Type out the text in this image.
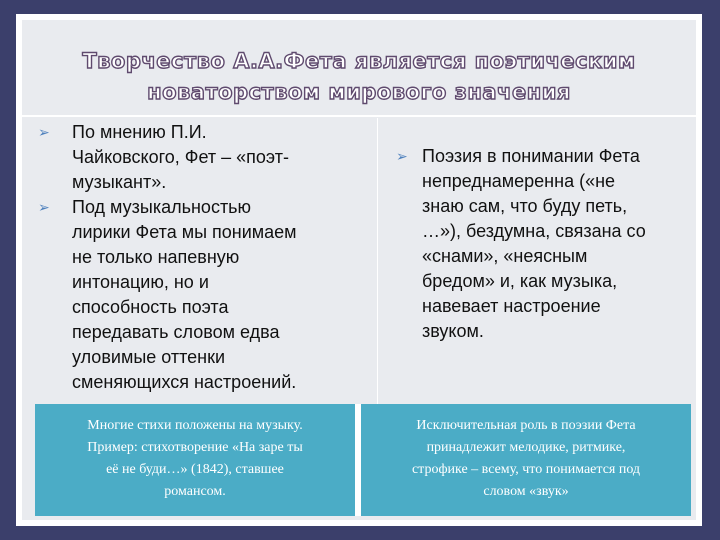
Творчество А.А.Фета является поэтическим
новаторством мирового значения
➢ По мнению П.И.
Чайковского, Фет – «поэт-
музыкант».
➢ Под музыкальностью
лирики Фета мы понимаем
не только напевную
интонацию, но и
способность поэта
передавать словом едва
уловимые оттенки
сменяющихся настроений.
➢ Поэзия в понимании Фета
непреднамеренна («не
знаю сам, что буду петь,
…»), бездумна, связана со
«снами», «неясным
бредом» и, как музыка,
навевает настроение
звуком.
Многие стихи положены на музыку.
Пример: стихотворение «На заре ты
её не буди…» (1842), ставшее
романсом.
Исключительная роль в поэзии Фета
принадлежит мелодике, ритмике,
строфике – всему, что понимается под
словом «звук»
